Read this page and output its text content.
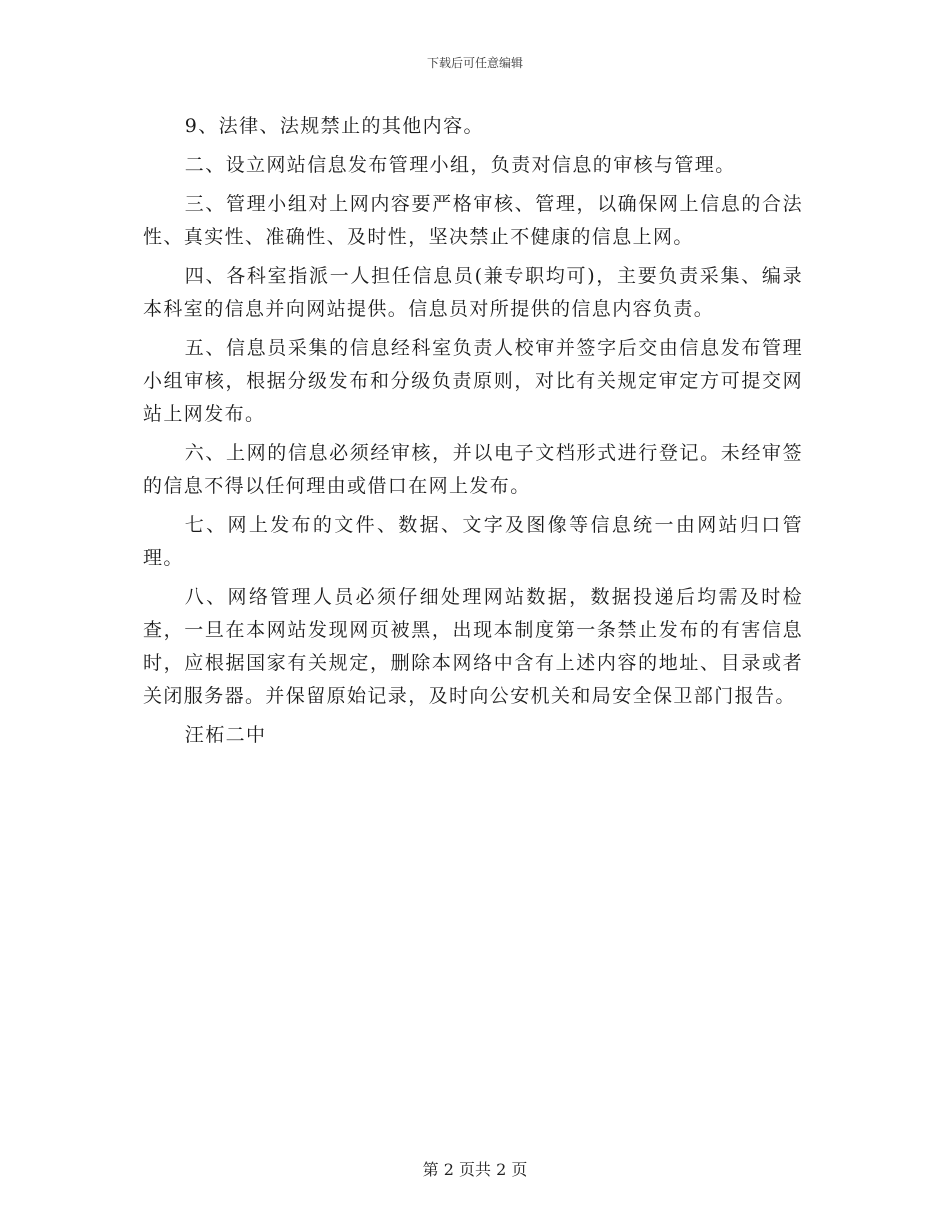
下载后可任意编辑

9、法律、法规禁止的其他内容。

二、设立网站信息发布管理小组，负责对信息的审核与管理。

三、管理小组对上网内容要严格审核、管理，以确保网上信息的合法性、真实性、准确性、及时性，坚决禁止不健康的信息上网。

四、各科室指派一人担任信息员(兼专职均可)，主要负责采集、编录本科室的信息并向网站提供。信息员对所提供的信息内容负责。

五、信息员采集的信息经科室负责人校审并签字后交由信息发布管理小组审核，根据分级发布和分级负责原则，对比有关规定审定方可提交网站上网发布。

六、上网的信息必须经审核，并以电子文档形式进行登记。未经审签的信息不得以任何理由或借口在网上发布。

七、网上发布的文件、数据、文字及图像等信息统一由网站归口管理。

八、网络管理人员必须仔细处理网站数据，数据投递后均需及时检查，一旦在本网站发现网页被黑，出现本制度第一条禁止发布的有害信息时，应根据国家有关规定，删除本网络中含有上述内容的地址、目录或者关闭服务器。并保留原始记录，及时向公安机关和局安全保卫部门报告。

汪柘二中

第 2 页共 2 页
